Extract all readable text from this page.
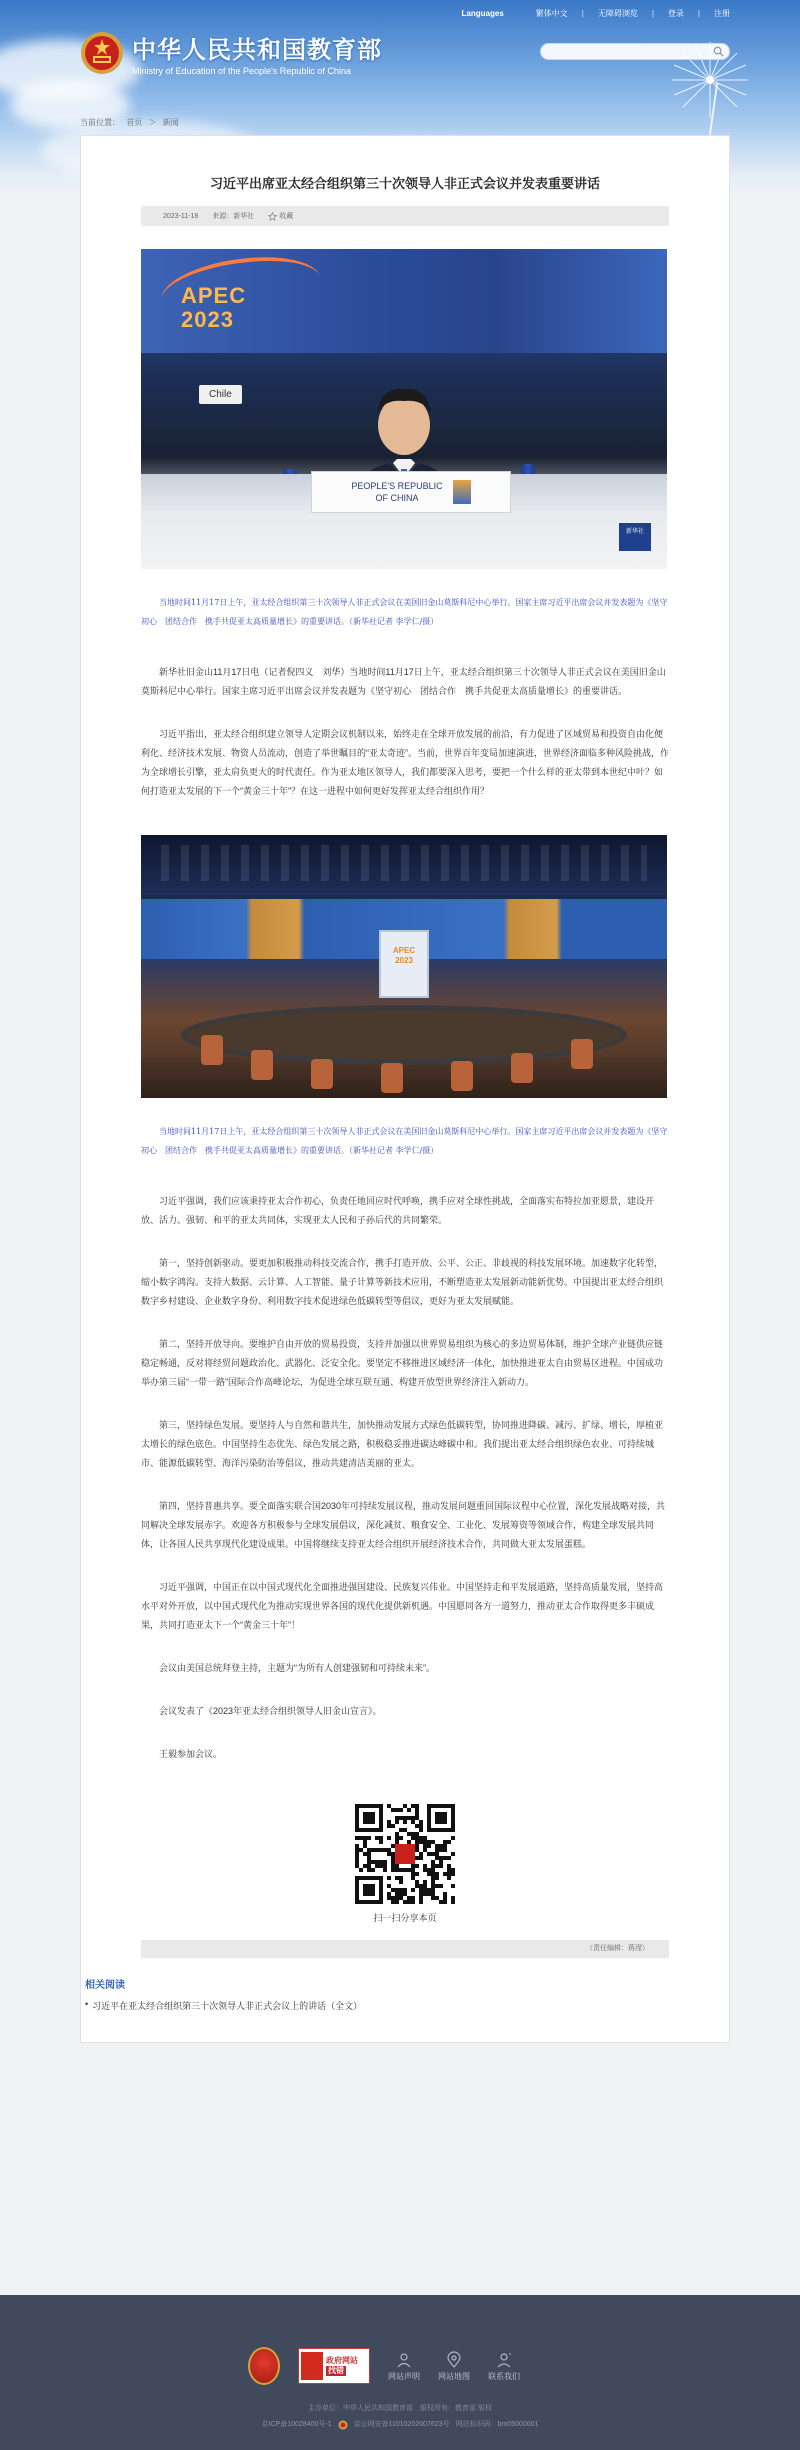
Languages	繁体中文 | 无障碍浏览 | 登录 | 注册
中华人民共和国教育部
Ministry of Education of the People's Republic of China
当前位置： 首页 ＞ 新闻
习近平出席亚太经合组织第三十次领导人非正式会议并发表重要讲话
2023-11-18 来源：新华社	收藏
APEC
2023
Chile
PEOPLE'S REPUBLIC
OF CHINA
新华社

当地时间11月17日上午，亚太经合组织第三十次领导人非正式会议在美国旧金山莫斯科尼中心举行。国家主席习近平出席会议并发表题为《坚守初心　团结合作　携手共促亚太高质量增长》的重要讲话。（新华社记者 李学仁/摄）

新华社旧金山11月17日电（记者倪四义　刘华）当地时间11月17日上午，亚太经合组织第三十次领导人非正式会议在美国旧金山莫斯科尼中心举行。国家主席习近平出席会议并发表题为《坚守初心　团结合作　携手共促亚太高质量增长》的重要讲话。

习近平指出，亚太经合组织建立领导人定期会议机制以来，始终走在全球开放发展的前沿，有力促进了区域贸易和投资自由化便利化、经济技术发展、物资人员流动，创造了举世瞩目的“亚太奇迹”。当前，世界百年变局加速演进，世界经济面临多种风险挑战，作为全球增长引擎，亚太肩负更大的时代责任。作为亚太地区领导人，我们都要深入思考，要把一个什么样的亚太带到本世纪中叶？如何打造亚太发展的下一个“黄金三十年”？在这一进程中如何更好发挥亚太经合组织作用？

APEC
2023

当地时间11月17日上午，亚太经合组织第三十次领导人非正式会议在美国旧金山莫斯科尼中心举行。国家主席习近平出席会议并发表题为《坚守初心　团结合作　携手共促亚太高质量增长》的重要讲话。（新华社记者 李学仁/摄）

习近平强调，我们应该秉持亚太合作初心，负责任地回应时代呼唤，携手应对全球性挑战，全面落实布特拉加亚愿景，建设开放、活力、强韧、和平的亚太共同体，实现亚太人民和子孙后代的共同繁荣。

第一，坚持创新驱动。要更加积极推动科技交流合作，携手打造开放、公平、公正、非歧视的科技发展环境。加速数字化转型，缩小数字鸿沟。支持大数据、云计算、人工智能、量子计算等新技术应用，不断塑造亚太发展新动能新优势。中国提出亚太经合组织数字乡村建设、企业数字身份、利用数字技术促进绿色低碳转型等倡议，更好为亚太发展赋能。

第二，坚持开放导向。要维护自由开放的贸易投资，支持并加强以世界贸易组织为核心的多边贸易体制，维护全球产业链供应链稳定畅通，反对将经贸问题政治化、武器化、泛安全化。要坚定不移推进区域经济一体化，加快推进亚太自由贸易区进程。中国成功举办第三届“一带一路”国际合作高峰论坛，为促进全球互联互通、构建开放型世界经济注入新动力。

第三，坚持绿色发展。要坚持人与自然和谐共生，加快推动发展方式绿色低碳转型，协同推进降碳、减污、扩绿、增长，厚植亚太增长的绿色底色。中国坚持生态优先、绿色发展之路，积极稳妥推进碳达峰碳中和。我们提出亚太经合组织绿色农业、可持续城市、能源低碳转型、海洋污染防治等倡议，推动共建清洁美丽的亚太。

第四，坚持普惠共享。要全面落实联合国2030年可持续发展议程，推动发展问题重回国际议程中心位置，深化发展战略对接，共同解决全球发展赤字。欢迎各方积极参与全球发展倡议，深化减贫、粮食安全、工业化、发展筹资等领域合作，构建全球发展共同体，让各国人民共享现代化建设成果。中国将继续支持亚太经合组织开展经济技术合作，共同做大亚太发展蛋糕。

习近平强调，中国正在以中国式现代化全面推进强国建设、民族复兴伟业。中国坚持走和平发展道路，坚持高质量发展，坚持高水平对外开放，以中国式现代化为推动实现世界各国的现代化提供新机遇。中国愿同各方一道努力，推动亚太合作取得更多丰硕成果，共同打造亚太下一个“黄金三十年”！

会议由美国总统拜登主持，主题为“为所有人创建强韧和可持续未来”。

会议发表了《2023年亚太经合组织领导人旧金山宣言》。

王毅参加会议。

扫一扫分享本页
（责任编辑：蒋滢）
相关阅读
• 习近平在亚太经合组织第三十次领导人非正式会议上的讲话（全文）
政府网站
找错
网站声明 网站地图 联系我们
主办单位：中华人民共和国教育部　版权所有：教育部 版权
京ICP备10028400号-1	京公网安备11010202007623号 网站标识码：bm05000001
